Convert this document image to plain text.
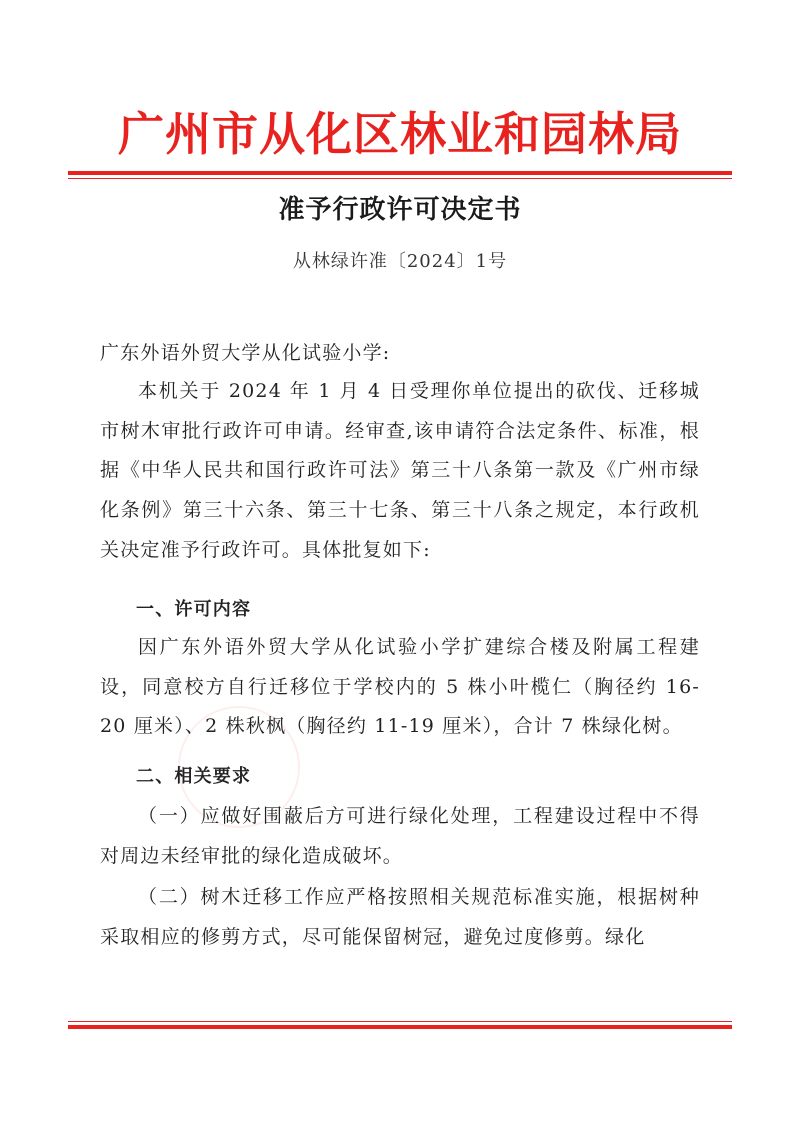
广州市从化区林业和园林局
准予行政许可决定书
从林绿许准〔2024〕1号
广东外语外贸大学从化试验小学:
本机关于 2024 年 1 月 4 日受理你单位提出的砍伐、迁移城市树木审批行政许可申请。经审查,该申请符合法定条件、标准，根据《中华人民共和国行政许可法》第三十八条第一款及《广州市绿化条例》第三十六条、第三十七条、第三十八条之规定，本行政机关决定准予行政许可。具体批复如下:
一、许可内容
因广东外语外贸大学从化试验小学扩建综合楼及附属工程建设，同意校方自行迁移位于学校内的 5 株小叶榄仁（胸径约 16-20 厘米）、2 株秋枫（胸径约 11-19 厘米），合计 7 株绿化树。
二、相关要求
（一）应做好围蔽后方可进行绿化处理，工程建设过程中不得对周边未经审批的绿化造成破坏。
（二）树木迁移工作应严格按照相关规范标准实施，根据树种采取相应的修剪方式，尽可能保留树冠，避免过度修剪。绿化
